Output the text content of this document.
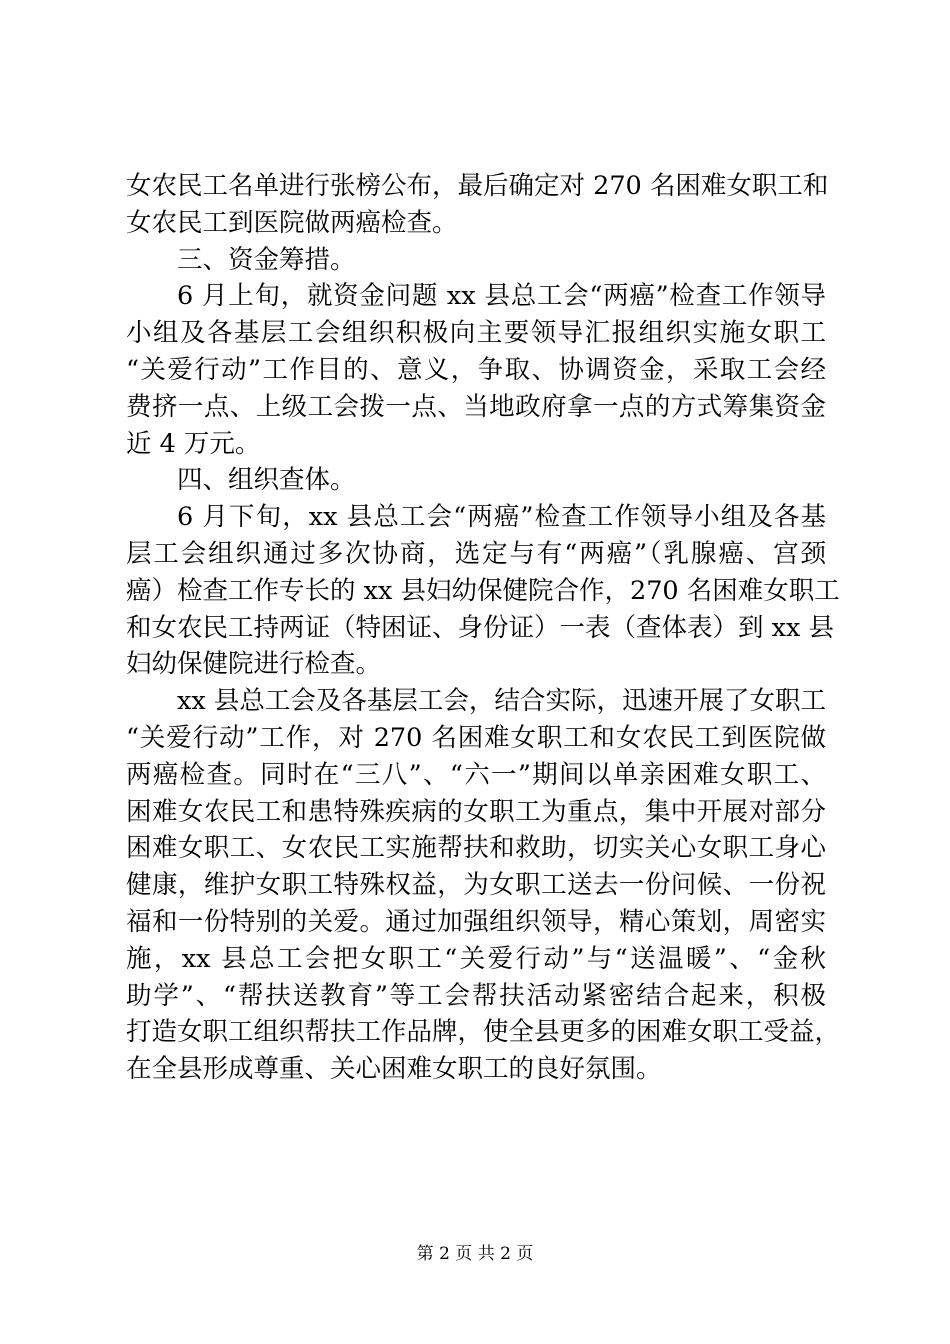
女农民工名单进行张榜公布，最后确定对 270 名困难女职工和
女农民工到医院做两癌检查。
三、资金筹措。
6 月上旬，就资金问题 xx 县总工会“两癌”检查工作领导
小组及各基层工会组织积极向主要领导汇报组织实施女职工
“关爱行动”工作目的、意义，争取、协调资金，采取工会经
费挤一点、上级工会拨一点、当地政府拿一点的方式筹集资金
近 4 万元。
四、组织查体。
6 月下旬，xx 县总工会“两癌”检查工作领导小组及各基
层工会组织通过多次协商，选定与有“两癌”（乳腺癌、宫颈
癌）检查工作专长的 xx 县妇幼保健院合作，270 名困难女职工
和女农民工持两证（特困证、身份证）一表（查体表）到 xx 县
妇幼保健院进行检查。
xx 县总工会及各基层工会，结合实际，迅速开展了女职工
“关爱行动”工作，对 270 名困难女职工和女农民工到医院做
两癌检查。同时在“三八”、“六一”期间以单亲困难女职工、
困难女农民工和患特殊疾病的女职工为重点，集中开展对部分
困难女职工、女农民工实施帮扶和救助，切实关心女职工身心
健康，维护女职工特殊权益，为女职工送去一份问候、一份祝
福和一份特别的关爱。通过加强组织领导，精心策划，周密实
施，xx 县总工会把女职工“关爱行动”与“送温暖”、“金秋
助学”、“帮扶送教育”等工会帮扶活动紧密结合起来，积极
打造女职工组织帮扶工作品牌，使全县更多的困难女职工受益，
在全县形成尊重、关心困难女职工的良好氛围。
第 2 页 共 2 页
